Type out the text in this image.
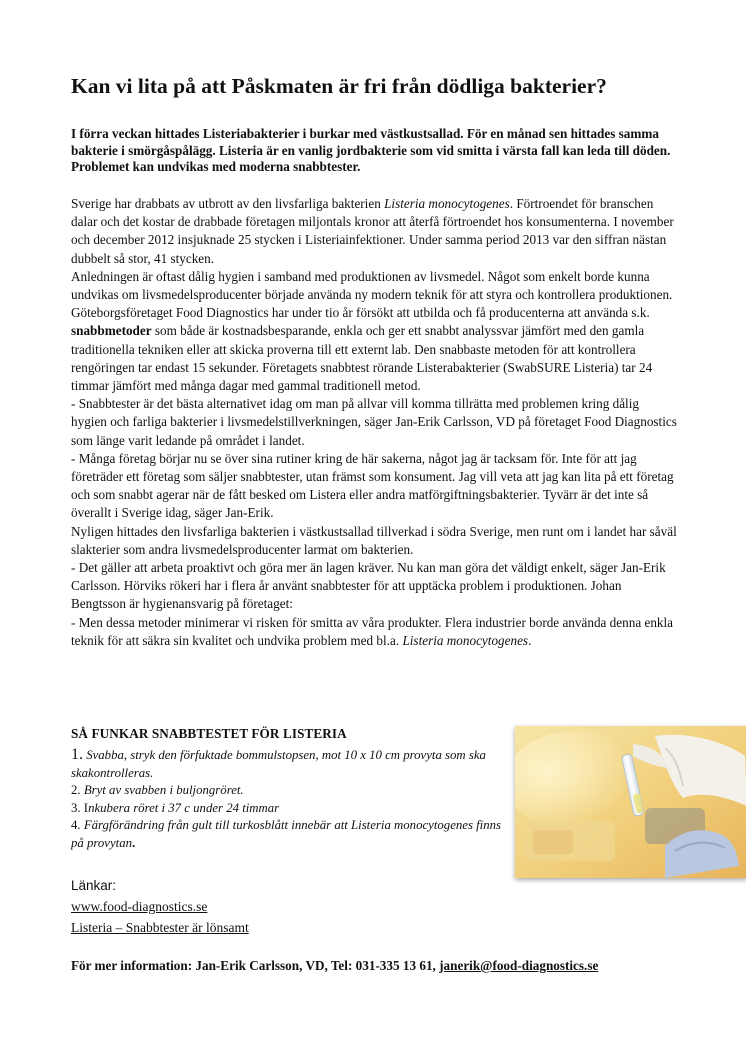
Kan vi lita på att Påskmaten är fri från dödliga bakterier?

I förra veckan hittades Listeriabakterier i burkar med västkustsallad. För en månad sen hittades samma bakterie i smörgåspålägg. Listeria är en vanlig jordbakterie som vid smitta i värsta fall kan leda till döden. Problemet kan undvikas med moderna snabbtester.

Sverige har drabbats av utbrott av den livsfarliga bakterien Listeria monocytogenes. Förtroendet för branschen dalar och det kostar de drabbade företagen miljontals kronor att återfå förtroendet hos konsumenterna. I november och december 2012 insjuknade 25 stycken i Listeriainfektioner. Under samma period 2013 var den siffran nästan dubbelt så stor, 41 stycken.

Anledningen är oftast dålig hygien i samband med produktionen av livsmedel. Något som enkelt borde kunna undvikas om livsmedelsproducenter började använda ny modern teknik för att styra och kontrollera produktionen. Göteborgsföretaget Food Diagnostics har under tio år försökt att utbilda och få producenterna att använda s.k. snabbmetoder som både är kostnadsbesparande, enkla och ger ett snabbt analyssvar jämfört med den gamla traditionella tekniken eller att skicka proverna till ett externt lab. Den snabbaste metoden för att kontrollera rengöringen tar endast 15 sekunder. Företagets snabbtest rörande Listerabakterier (SwabSURE Listeria) tar 24 timmar jämfört med många dagar med gammal traditionell metod.

- Snabbtester är det bästa alternativet idag om man på allvar vill komma tillrätta med problemen kring dålig hygien och farliga bakterier i livsmedelstillverkningen, säger Jan-Erik Carlsson, VD på företaget Food Diagnostics som länge varit ledande på området i landet.

- Många företag börjar nu se över sina rutiner kring de här sakerna, något jag är tacksam för. Inte för att jag företräder ett företag som säljer snabbtester, utan främst som konsument. Jag vill veta att jag kan lita på ett företag och som snabbt agerar när de fått besked om Listera eller andra matförgiftningsbakterier. Tyvärr är det inte så överallt i Sverige idag, säger Jan-Erik.

Nyligen hittades den livsfarliga bakterien i västkustsallad tillverkad i södra Sverige, men runt om i landet har såväl slakterier som andra livsmedelsproducenter larmat om bakterien.

- Det gäller att arbeta proaktivt och göra mer än lagen kräver. Nu kan man göra det väldigt enkelt, säger Jan-Erik Carlsson. Hörviks rökeri har i flera år använt snabbtester för att upptäcka problem i produktionen. Johan Bengtsson är hygienansvarig på företaget:

- Men dessa metoder minimerar vi risken för smitta av våra produkter. Flera industrier borde använda denna enkla teknik för att säkra sin kvalitet och undvika problem med bl.a. Listeria monocytogenes.

SÅ FUNKAR SNABBTESTET FÖR LISTERIA
1. Svabba, stryk den förfuktade bommulstopsen, mot 10 x 10 cm provyta som ska skakontrolleras.
2. Bryt av svabben i buljongröret.
3. Inkubera röret i 37 c under 24 timmar
4. Färgförändring från gult till turkosblått innebär att Listeria monocytogenes finns på provytan.
Länkar:
www.food-diagnostics.se
Listeria – Snabbtester är lönsamt

För mer information: Jan-Erik Carlsson, VD, Tel: 031-335 13 61, janerik@food-diagnostics.se
